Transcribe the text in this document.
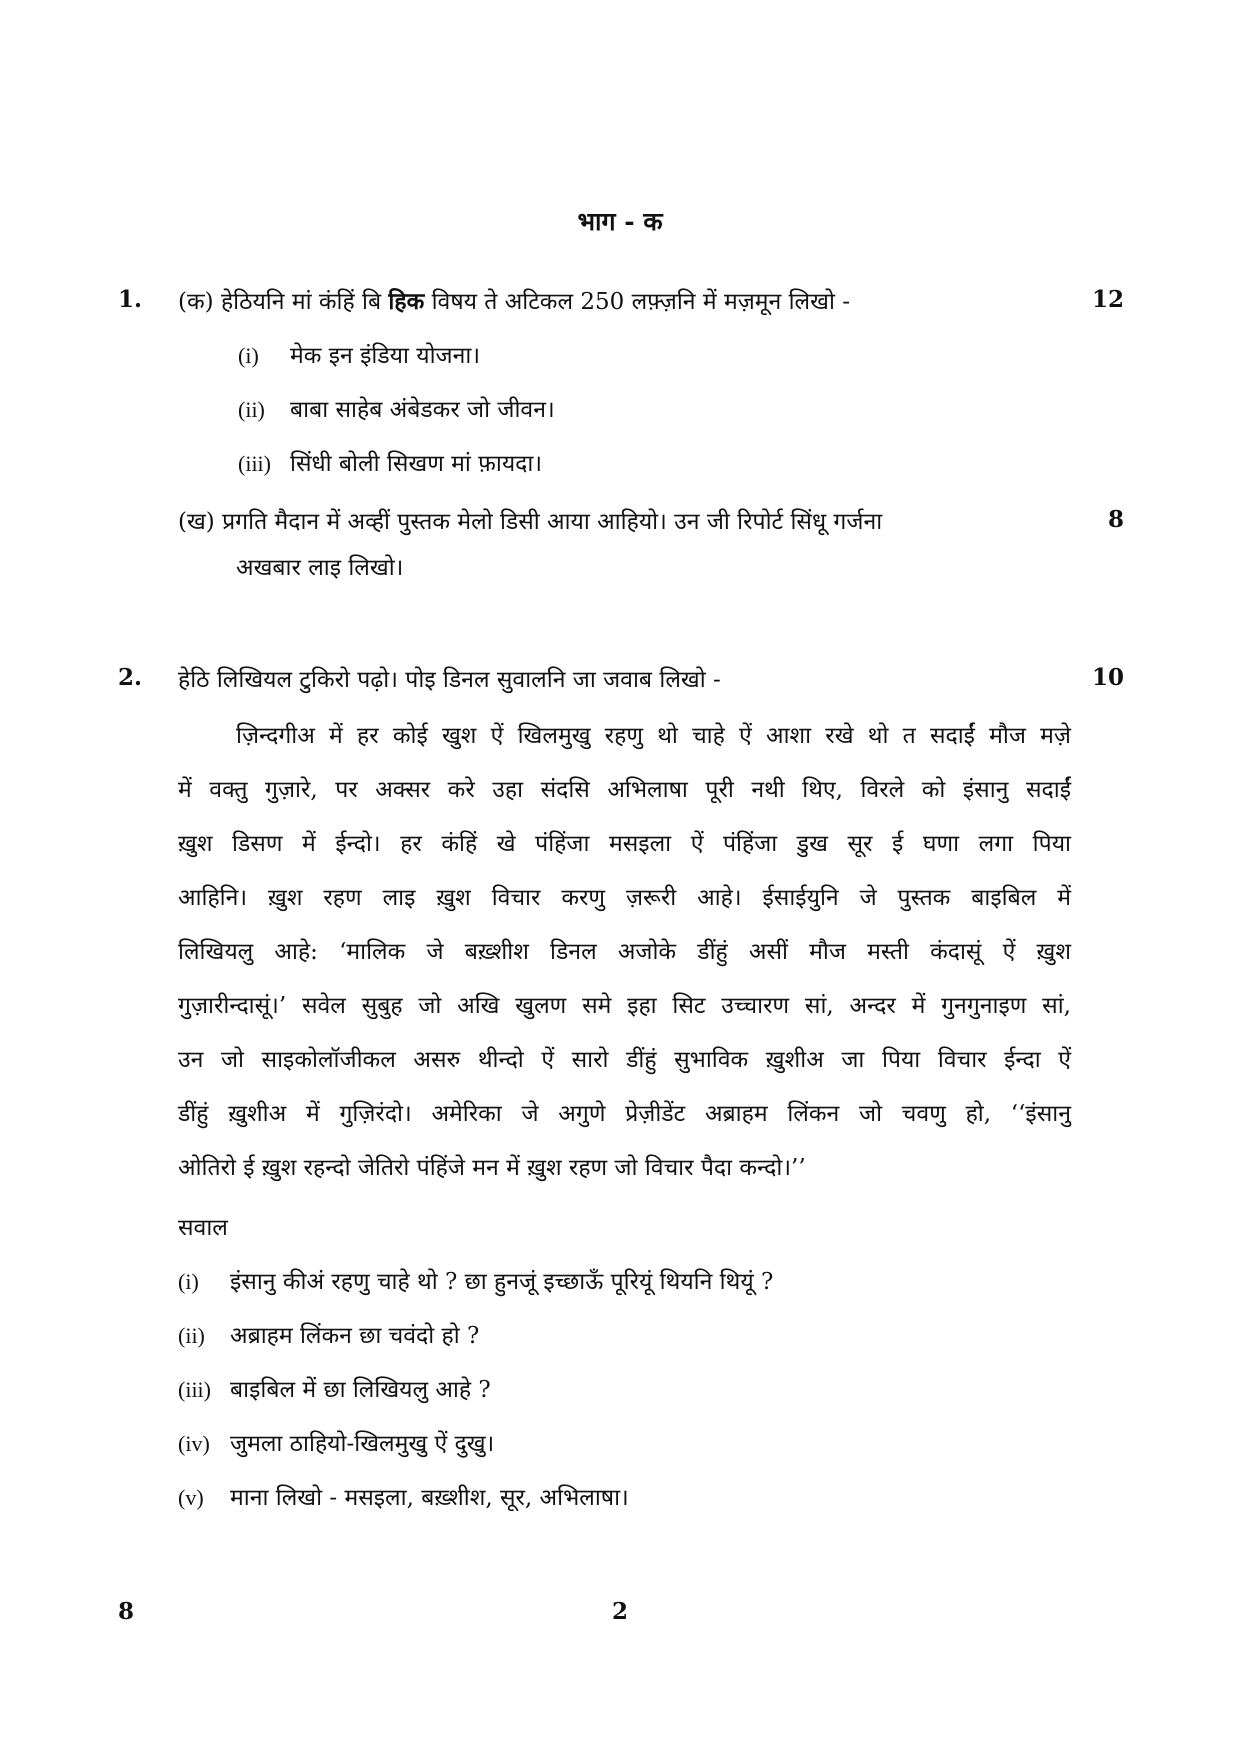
भाग - क
1. (क) हेठियनि मां कंहिं बि हिक विषय ते अटिकल 250 लफ़्ज़नि में मज़मून लिखो -	12
(i) मेक इन इंडिया योजना।
(ii) बाबा साहेब अंबेडकर जो जीवन।
(iii) सिंधी बोली सिखण मां फ़ायदा।
(ख) प्रगति मैदान में अव्हीं पुस्तक मेलो डिसी आया आहियो। उन जी रिपोर्ट सिंधू गर्जना	8
अखबार लाइ लिखो।
2. हेठि लिखियल टुकिरो पढ़ो। पोइ डिनल सुवालनि जा जवाब लिखो -	10
ज़िन्दगीअ में हर कोई खुश ऐं खिलमुखु रहणु थो चाहे ऐं आशा रखे थो त सदाईं मौज मज़े
में वक्तु गुज़ारे, पर अक्सर करे उहा संदसि अभिलाषा पूरी नथी थिए, विरले को इंसानु सदाईं
ख़ुश डिसण में ईन्दो। हर कंहिं खे पंहिंजा मसइला ऐं पंहिंजा डुख सूर ई घणा लगा पिया
आहिनि। ख़ुश रहण लाइ ख़ुश विचार करणु ज़रूरी आहे। ईसाईयुनि जे पुस्तक बाइबिल में
लिखियलु आहे: ‘मालिक जे बख़्शीश डिनल अजोके डींहुं असीं मौज मस्ती कंदासूं ऐं ख़ुश
गुज़ारीन्दासूं।’ सवेल सुबुह जो अखि खुलण समे इहा सिट उच्चारण सां, अन्दर में गुनगुनाइण सां,
उन जो साइकोलॉजीकल असरु थीन्दो ऐं सारो डींहुं सुभाविक ख़ुशीअ जा पिया विचार ईन्दा ऐं
डींहुं ख़ुशीअ में गुज़िरंदो। अमेरिका जे अगुणे प्रेज़ीडेंट अब्राहम लिंकन जो चवणु हो, ‘‘इंसानु
ओतिरो ई ख़ुश रहन्दो जेतिरो पंहिंजे मन में ख़ुश रहण जो विचार पैदा कन्दो।’’
सवाल
(i) इंसानु कीअं रहणु चाहे थो ? छा हुनजूं इच्छाऊँ पूरियूं थियनि थियूं ?
(ii) अब्राहम लिंकन छा चवंदो हो ?
(iii) बाइबिल में छा लिखियलु आहे ?
(iv) जुमला ठाहियो-खिलमुखु ऐं दुखु।
(v) माना लिखो - मसइला, बख़्शीश, सूर, अभिलाषा।
8	2
